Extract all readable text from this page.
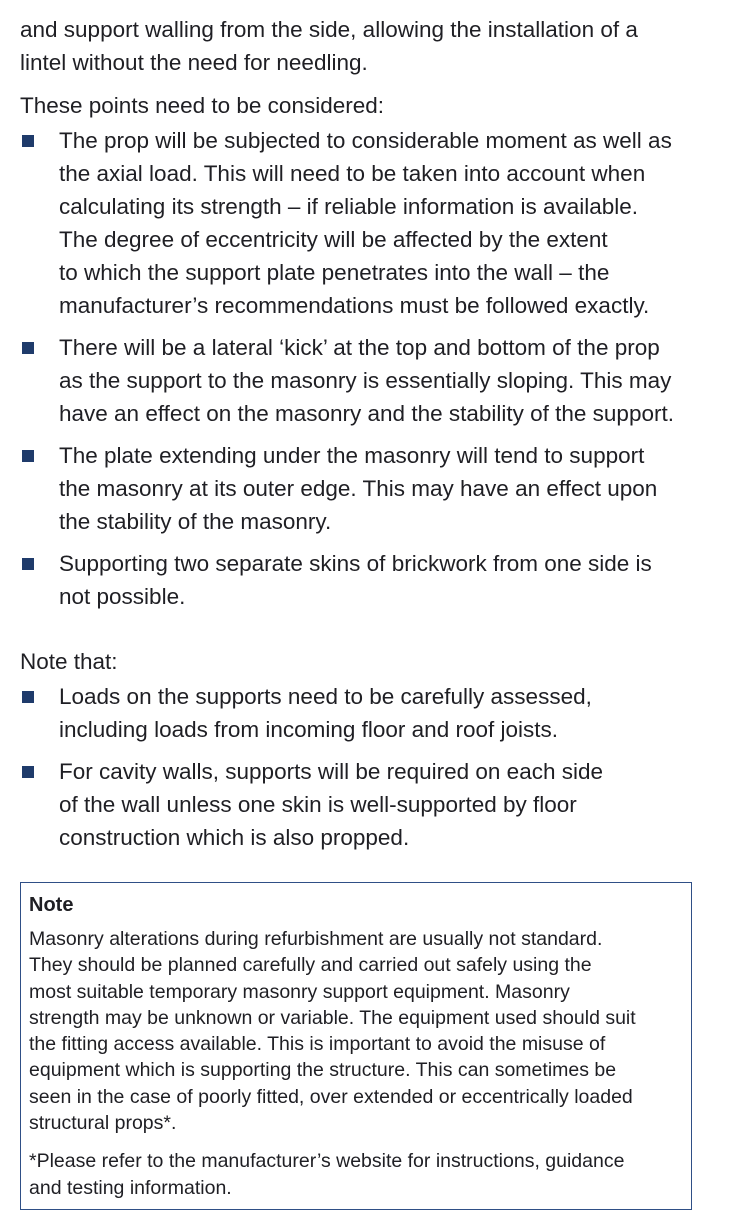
and support walling from the side, allowing the installation of a
lintel without the need for needling.

These points need to be considered:

The prop will be subjected to considerable moment as well as
the axial load. This will need to be taken into account when
calculating its strength – if reliable information is available.
The degree of eccentricity will be affected by the extent
to which the support plate penetrates into the wall – the
manufacturer’s recommendations must be followed exactly.
There will be a lateral ‘kick’ at the top and bottom of the prop
as the support to the masonry is essentially sloping. This may
have an effect on the masonry and the stability of the support.
The plate extending under the masonry will tend to support
the masonry at its outer edge. This may have an effect upon
the stability of the masonry.
Supporting two separate skins of brickwork from one side is
not possible.

Note that:

Loads on the supports need to be carefully assessed,
including loads from incoming floor and roof joists.
For cavity walls, supports will be required on each side
of the wall unless one skin is well-supported by floor
construction which is also propped.

Note

Masonry alterations during refurbishment are usually not standard.
They should be planned carefully and carried out safely using the
most suitable temporary masonry support equipment. Masonry
strength may be unknown or variable. The equipment used should suit
the fitting access available. This is important to avoid the misuse of
equipment which is supporting the structure. This can sometimes be
seen in the case of poorly fitted, over extended or eccentrically loaded
structural props*.

*Please refer to the manufacturer’s website for instructions, guidance
and testing information.
